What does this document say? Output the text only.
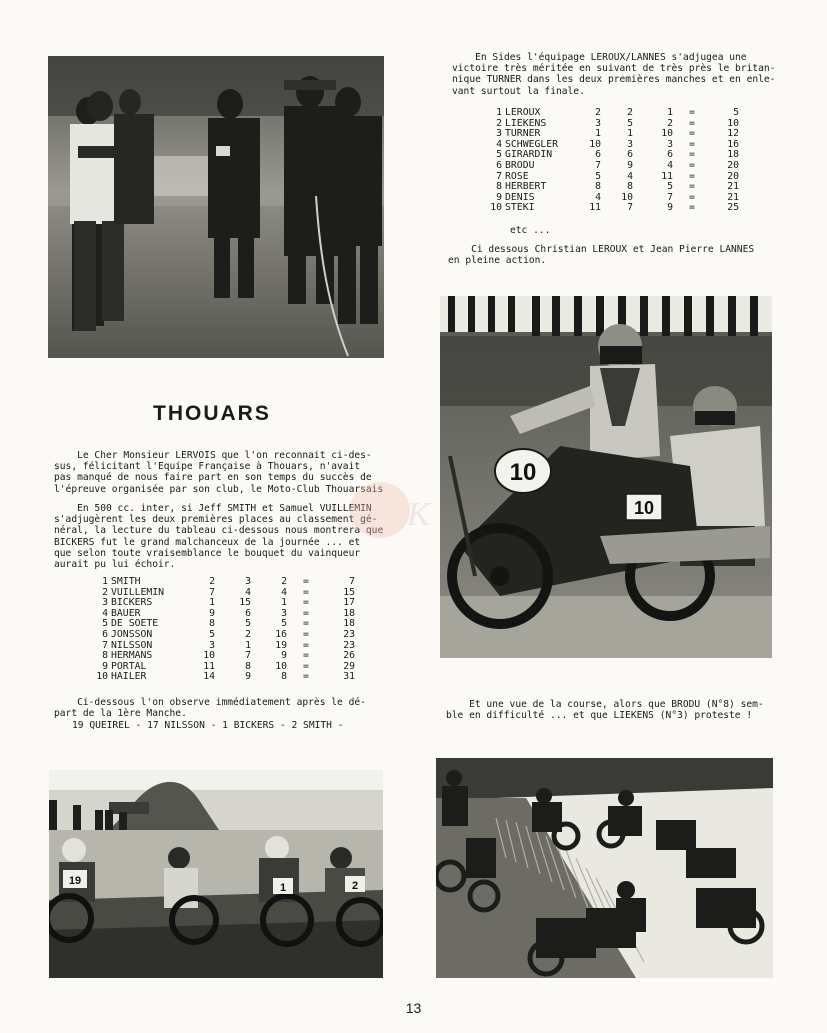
10
10
19
1	2

En Sides l'équipage LEROUX/LANNES s'adjugea une
victoire très méritée en suivant de très près le britan-
nique TURNER dans les deux premières manches et en enle-
vant surtout la finale.

1	LEROUX	2	2	1	=	5
2	LIEKENS	3	5	2	=	10
3	TURNER	1	1	10	=	12
4	SCHWEGLER	10	3	3	=	16
5	GIRARDIN	6	6	6	=	18
6	BRODU	7	9	4	=	20
7	ROSE	5	4	11	=	20
8	HERBERT	8	8	5	=	21
9	DENIS	4	10	7	=	21
10	STEKI	11	7	9	=	25

etc ...

Ci dessous Christian LEROUX et Jean Pierre LANNES
en pleine action.

Et une vue de la course, alors que BRODU (N°8) sem-
ble en difficulté ... et que LIEKENS (N°3) proteste !

THOUARS

Le Cher Monsieur LERVOIS que l'on reconnait ci-des-
sus, félicitant l'Equipe Française à Thouars, n'avait
pas manqué de nous faire part en son temps du succès de
l'épreuve organisée par son club, le Moto-Club Thouarsais

En 500 cc. inter, si Jeff SMITH et Samuel VUILLEMIN
s'adjugèrent les deux premières places au classement
néral, la lecture du tableau ci-dessous nous montrera
BICKERS fut le grand malchanceux de la journée ... et
que selon toute vraisemblance le bouquet du vainqueur
aurait pu lui échoir.

1	SMITH	2	3	2	=	7
2	VUILLEMIN	7	4	4	=	15
3	BICKERS	1	15	1	=	17
4	BAUER	9	6	3	=	18
5	DE SOETE	8	5	5	=	18
6	JONSSON	5	2	16	=	23
7	NILSSON	3	1	19	=	23
8	HERMANS	10	7	9	=	26
9	PORTAL	11	8	10	=	29
10	HAILER	14	9	8	=	31

Ci-dessous l'on observe immédiatement après le dé-
part de la 1ère Manche.

19 QUEIREL - 17 NILSSON - 1 BICKERS - 2 SMITH -

K
13
